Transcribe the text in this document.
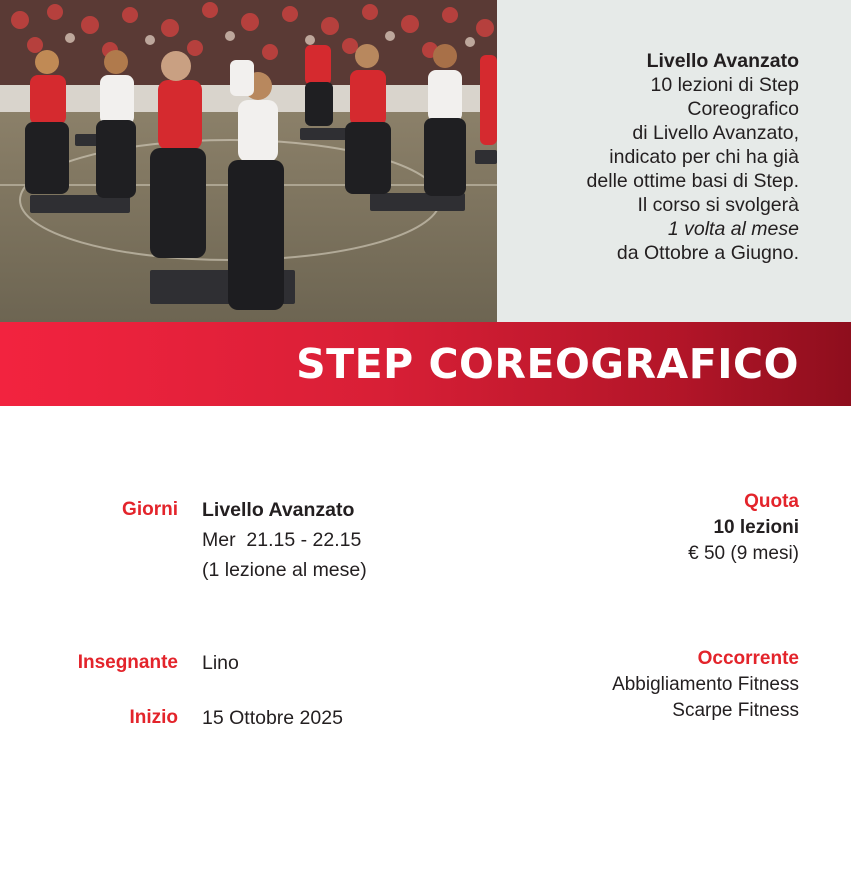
Livello Avanzato
10 lezioni di Step
Coreografico
di Livello Avanzato,
indicato per chi ha già
delle ottime basi di Step.
Il corso si svolgerà
1 volta al mese
da Ottobre a Giugno.
STEP COREOGRAFICO
Giorni Livello Avanzato
Mer  21.15 - 22.15
(1 lezione al mese)
Insegnante Lino
Inizio 15 Ottobre 2025
Quota
10 lezioni
€ 50 (9 mesi)
Occorrente
Abbigliamento Fitness
Scarpe Fitness
